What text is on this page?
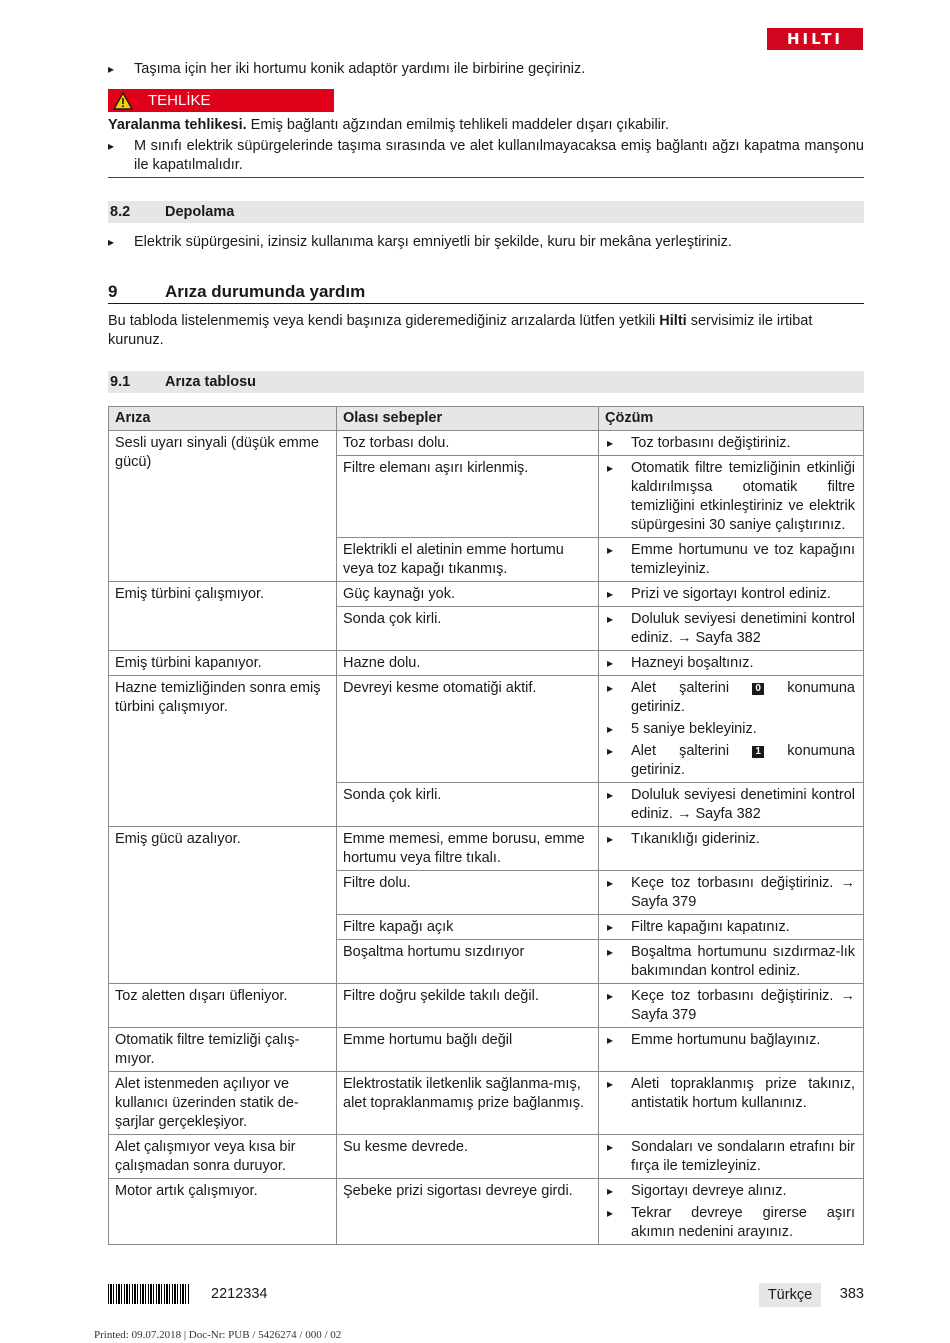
HILTI
▸ Taşıma için her iki hortumu konik adaptör yardımı ile birbirine geçiriniz.
TEHLİKE
Yaralanma tehlikesi. Emiş bağlantı ağzından emilmiş tehlikeli maddeler dışarı çıkabilir.
▸ M sınıfı elektrik süpürgelerinde taşıma sırasında ve alet kullanılmayacaksa emiş bağlantı ağzı kapatma manşonu ile kapatılmalıdır.
8.2	Depolama
▸ Elektrik süpürgesini, izinsiz kullanıma karşı emniyetli bir şekilde, kuru bir mekâna yerleştiriniz.
9	Arıza durumunda yardım
Bu tabloda listelenmemiş veya kendi başınıza gideremediğiniz arızalarda lütfen yetkili Hilti servisimiz ile irtibat kurunuz.
9.1	Arıza tablosu
Arıza	Olası sebepler	Çözüm
Sesli uyarı sinyali (düşük emme gücü)	Toz torbası dolu.	▸ Toz torbasını değiştiriniz.

	Filtre elemanı aşırı kirlenmiş.	▸ Otomatik filtre temizliğinin etkinliği kaldırılmışsa otomatik filtre temizliğini etkinleştiriniz ve elektrik süpürgesini 30 saniye çalıştırınız.

	Elektrikli el aletinin emme hortumu veya toz kapağı tıkanmış.	▸ Emme hortumunu ve toz kapağını temizleyiniz.

Emiş türbini çalışmıyor.	Güç kaynağı yok.	▸ Prizi ve sigortayı kontrol ediniz.

	Sonda çok kirli.	▸ Doluluk seviyesi denetimini kontrol ediniz. → Sayfa 382

Emiş türbini kapanıyor.	Hazne dolu.	▸ Hazneyi boşaltınız.

Hazne temizliğinden sonra emiş türbini çalışmıyor.	Devreyi kesme otomatiği aktif.	▸ Alet şalterini 0 konumuna getiriniz.
▸ 5 saniye bekleyiniz.
▸ Alet şalterini 1 konumuna getiriniz.

	Sonda çok kirli.	▸ Doluluk seviyesi denetimini kontrol ediniz. → Sayfa 382

Emiş gücü azalıyor.	Emme memesi, emme borusu, emme hortumu veya filtre tıkalı.	▸ Tıkanıklığı gideriniz.

	Filtre dolu.	▸ Keçe toz torbasını değiştiriniz. → Sayfa 379

	Filtre kapağı açık	▸ Filtre kapağını kapatınız.

	Boşaltma hortumu sızdırıyor	▸ Boşaltma hortumunu sızdırmaz-lık bakımından kontrol ediniz.

Toz aletten dışarı üfleniyor.	Filtre doğru şekilde takılı değil.	▸ Keçe toz torbasını değiştiriniz. → Sayfa 379

Otomatik filtre temizliği çalış-mıyor.	Emme hortumu bağlı değil	▸ Emme hortumunu bağlayınız.

Alet istenmeden açılıyor ve kullanıcı üzerinden statik de-şarjlar gerçekleşiyor.	Elektrostatik iletkenlik sağlanma-mış, alet topraklanmamış prize bağlanmış.	▸ Aleti topraklanmış prize takınız, antistatik hortum kullanınız.

Alet çalışmıyor veya kısa bir çalışmadan sonra duruyor.	Su kesme devrede.	▸ Sondaları ve sondaların etrafını bir fırça ile temizleyiniz.

Motor artık çalışmıyor.	Şebeke prizi sigortası devreye girdi.	▸ Sigortayı devreye alınız.
▸ Tekrar devreye girerse aşırı akımın nedenini arayınız.
2212334	Türkçe	383
Printed: 09.07.2018 | Doc-Nr: PUB / 5426274 / 000 / 02
